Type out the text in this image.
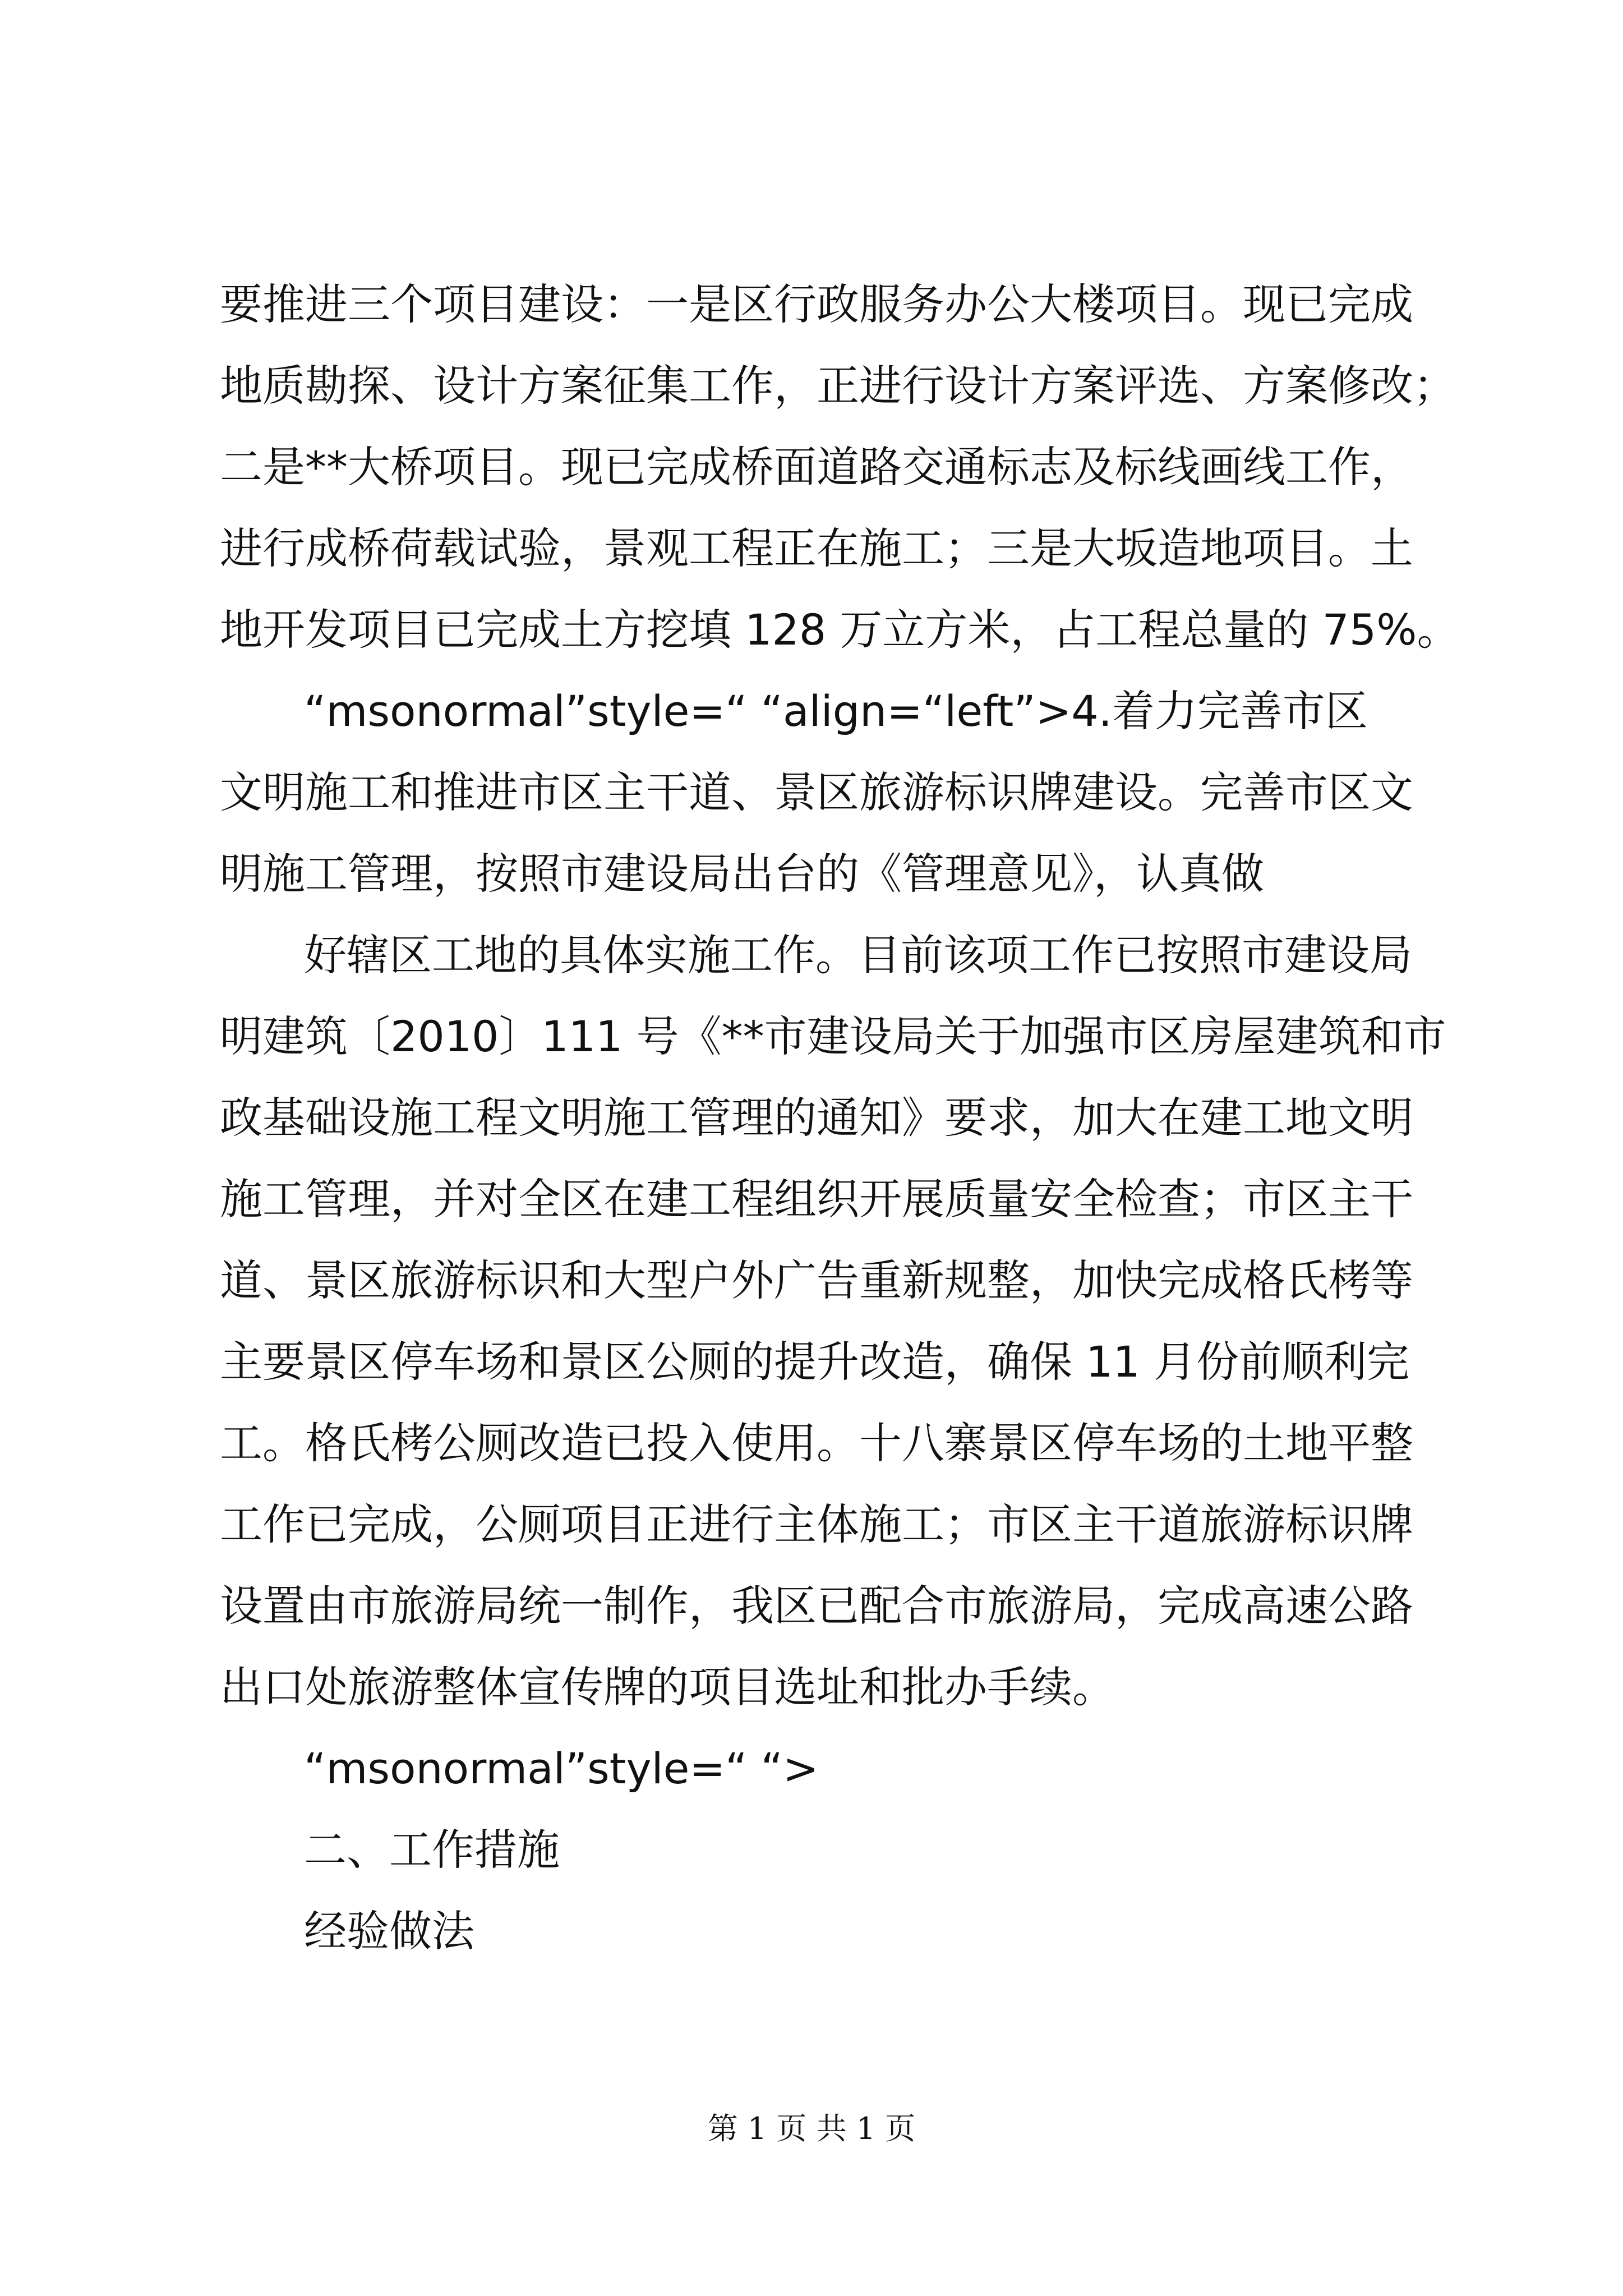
要推进三个项目建设：一是区行政服务办公大楼项目。现已完成
地质勘探、设计方案征集工作，正进行设计方案评选、方案修改；
二是**大桥项目。现已完成桥面道路交通标志及标线画线工作，
进行成桥荷载试验，景观工程正在施工；三是大坂造地项目。土
地开发项目已完成土方挖填 128 万立方米，占工程总量的 75%。
“msonormal”style=“ “align=“left”>4.着力完善市区
文明施工和推进市区主干道、景区旅游标识牌建设。完善市区文
明施工管理，按照市建设局出台的《管理意见》，认真做
好辖区工地的具体实施工作。目前该项工作已按照市建设局
明建筑〔2010〕111 号《**市建设局关于加强市区房屋建筑和市
政基础设施工程文明施工管理的通知》要求，加大在建工地文明
施工管理，并对全区在建工程组织开展质量安全检查；市区主干
道、景区旅游标识和大型户外广告重新规整，加快完成格氏栲等
主要景区停车场和景区公厕的提升改造，确保 11 月份前顺利完
工。格氏栲公厕改造已投入使用。十八寨景区停车场的土地平整
工作已完成，公厕项目正进行主体施工；市区主干道旅游标识牌
设置由市旅游局统一制作，我区已配合市旅游局，完成高速公路
出口处旅游整体宣传牌的项目选址和批办手续。
“msonormal”style=“ “>
二、工作措施
经验做法
第 1 页 共 1 页
